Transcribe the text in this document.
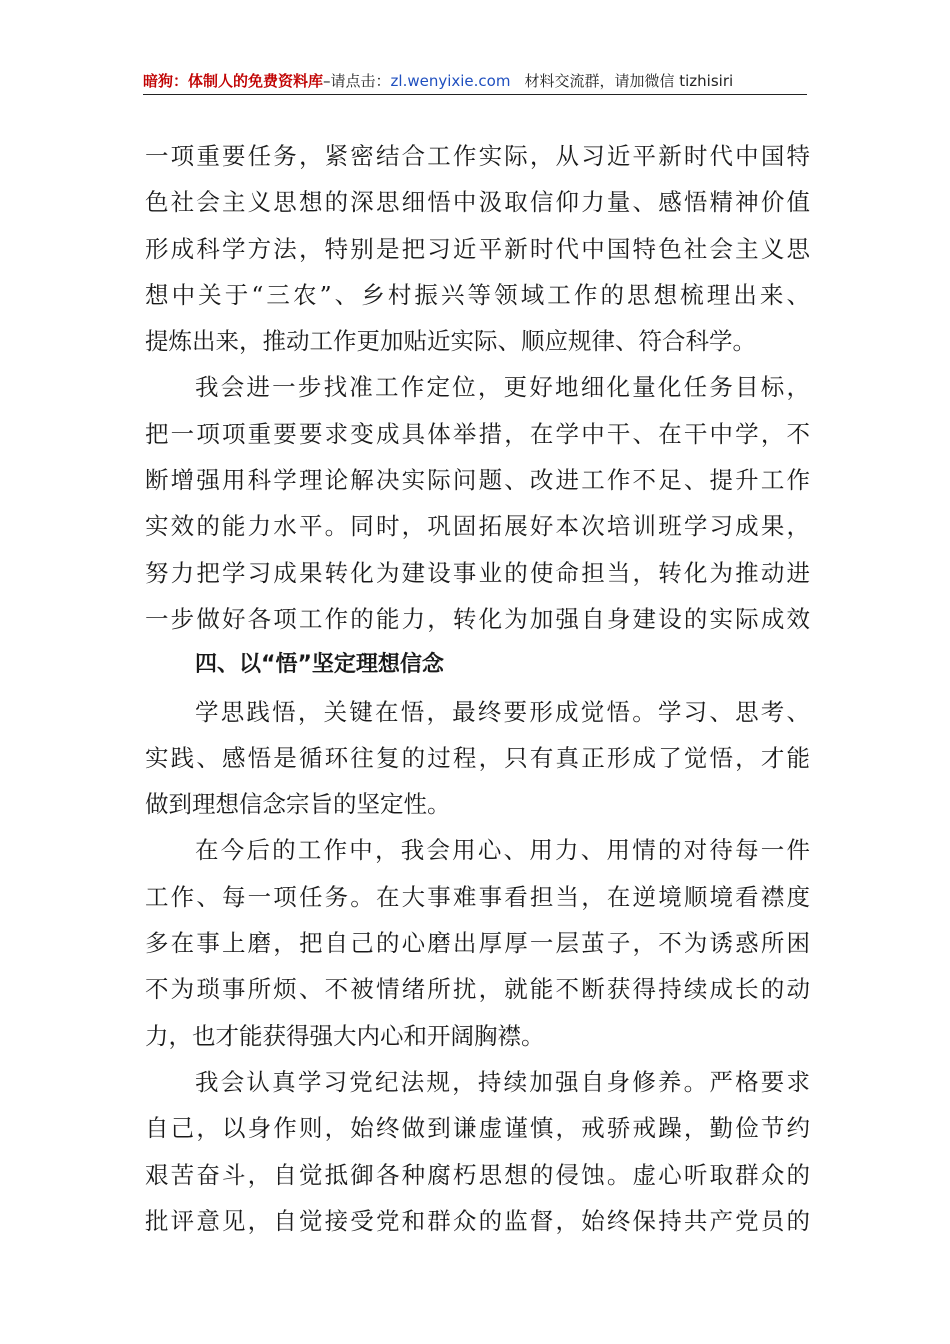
暗狗：体制人的免费资料库–请点击：zl.wenyixie.com 材料交流群，请加微信 tizhisiri
一项重要任务，紧密结合工作实际，从习近平新时代中国特
色社会主义思想的深思细悟中汲取信仰力量、感悟精神价值
形成科学方法，特别是把习近平新时代中国特色社会主义思
想中关于“三农”、乡村振兴等领域工作的思想梳理出来、
提炼出来，推动工作更加贴近实际、顺应规律、符合科学。
我会进一步找准工作定位，更好地细化量化任务目标，
把一项项重要要求变成具体举措，在学中干、在干中学，不
断增强用科学理论解决实际问题、改进工作不足、提升工作
实效的能力水平。同时，巩固拓展好本次培训班学习成果，
努力把学习成果转化为建设事业的使命担当，转化为推动进
一步做好各项工作的能力，转化为加强自身建设的实际成效
四、以“悟”坚定理想信念
学思践悟，关键在悟，最终要形成觉悟。学习、思考、
实践、感悟是循环往复的过程，只有真正形成了觉悟，才能
做到理想信念宗旨的坚定性。
在今后的工作中，我会用心、用力、用情的对待每一件
工作、每一项任务。在大事难事看担当，在逆境顺境看襟度
多在事上磨，把自己的心磨出厚厚一层茧子，不为诱惑所困
不为琐事所烦、不被情绪所扰，就能不断获得持续成长的动
力，也才能获得强大内心和开阔胸襟。
我会认真学习党纪法规，持续加强自身修养。严格要求
自己，以身作则，始终做到谦虚谨慎，戒骄戒躁，勤俭节约
艰苦奋斗，自觉抵御各种腐朽思想的侵蚀。虚心听取群众的
批评意见，自觉接受党和群众的监督，始终保持共产党员的
